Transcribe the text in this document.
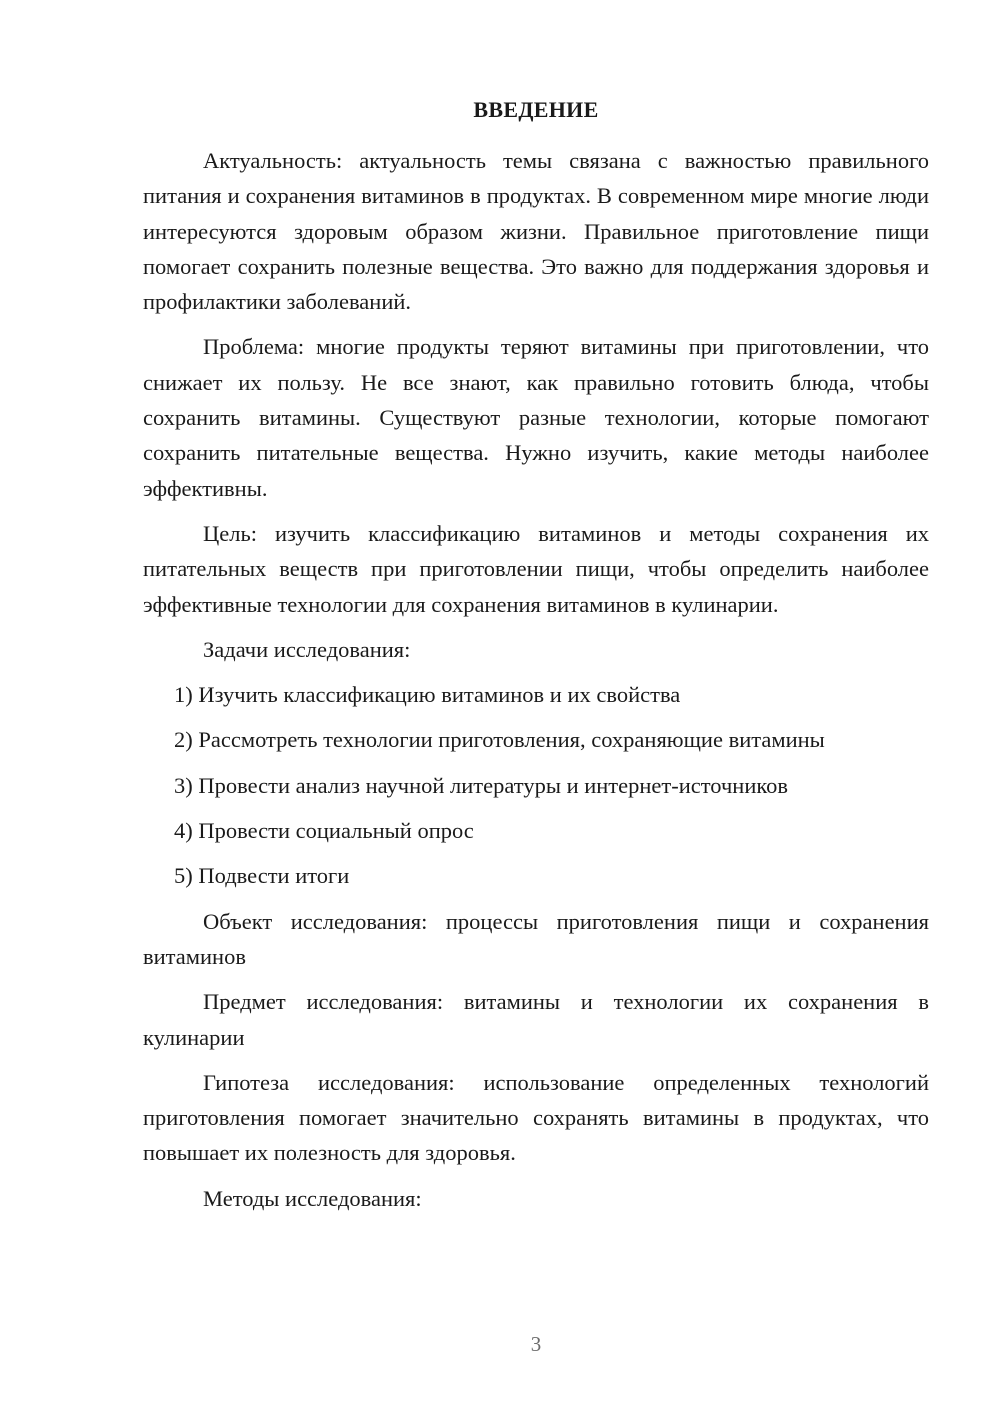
ВВЕДЕНИЕ

Актуальность: актуальность темы связана с важностью правильного питания и сохранения витаминов в продуктах. В современном мире многие люди интересуются здоровым образом жизни. Правильное приготовление пищи помогает сохранить полезные вещества. Это важно для поддержания здоровья и профилактики заболеваний.

Проблема: многие продукты теряют витамины при приготовлении, что снижает их пользу. Не все знают, как правильно готовить блюда, чтобы сохранить витамины. Существуют разные технологии, которые помогают сохранить питательные вещества. Нужно изучить, какие методы наиболее эффективны.

Цель: изучить классификацию витаминов и методы сохранения их питательных веществ при приготовлении пищи, чтобы определить наиболее эффективные технологии для сохранения витаминов в кулинарии.

Задачи исследования:

1) Изучить классификацию витаминов и их свойства

2) Рассмотреть технологии приготовления, сохраняющие витамины

3) Провести анализ научной литературы и интернет-источников

4) Провести социальный опрос

5) Подвести итоги

Объект исследования: процессы приготовления пищи и сохранения витаминов

Предмет исследования: витамины и технологии их сохранения в кулинарии

Гипотеза исследования: использование определенных технологий приготовления помогает значительно сохранять витамины в продуктах, что повышает их полезность для здоровья.

Методы исследования:

3
